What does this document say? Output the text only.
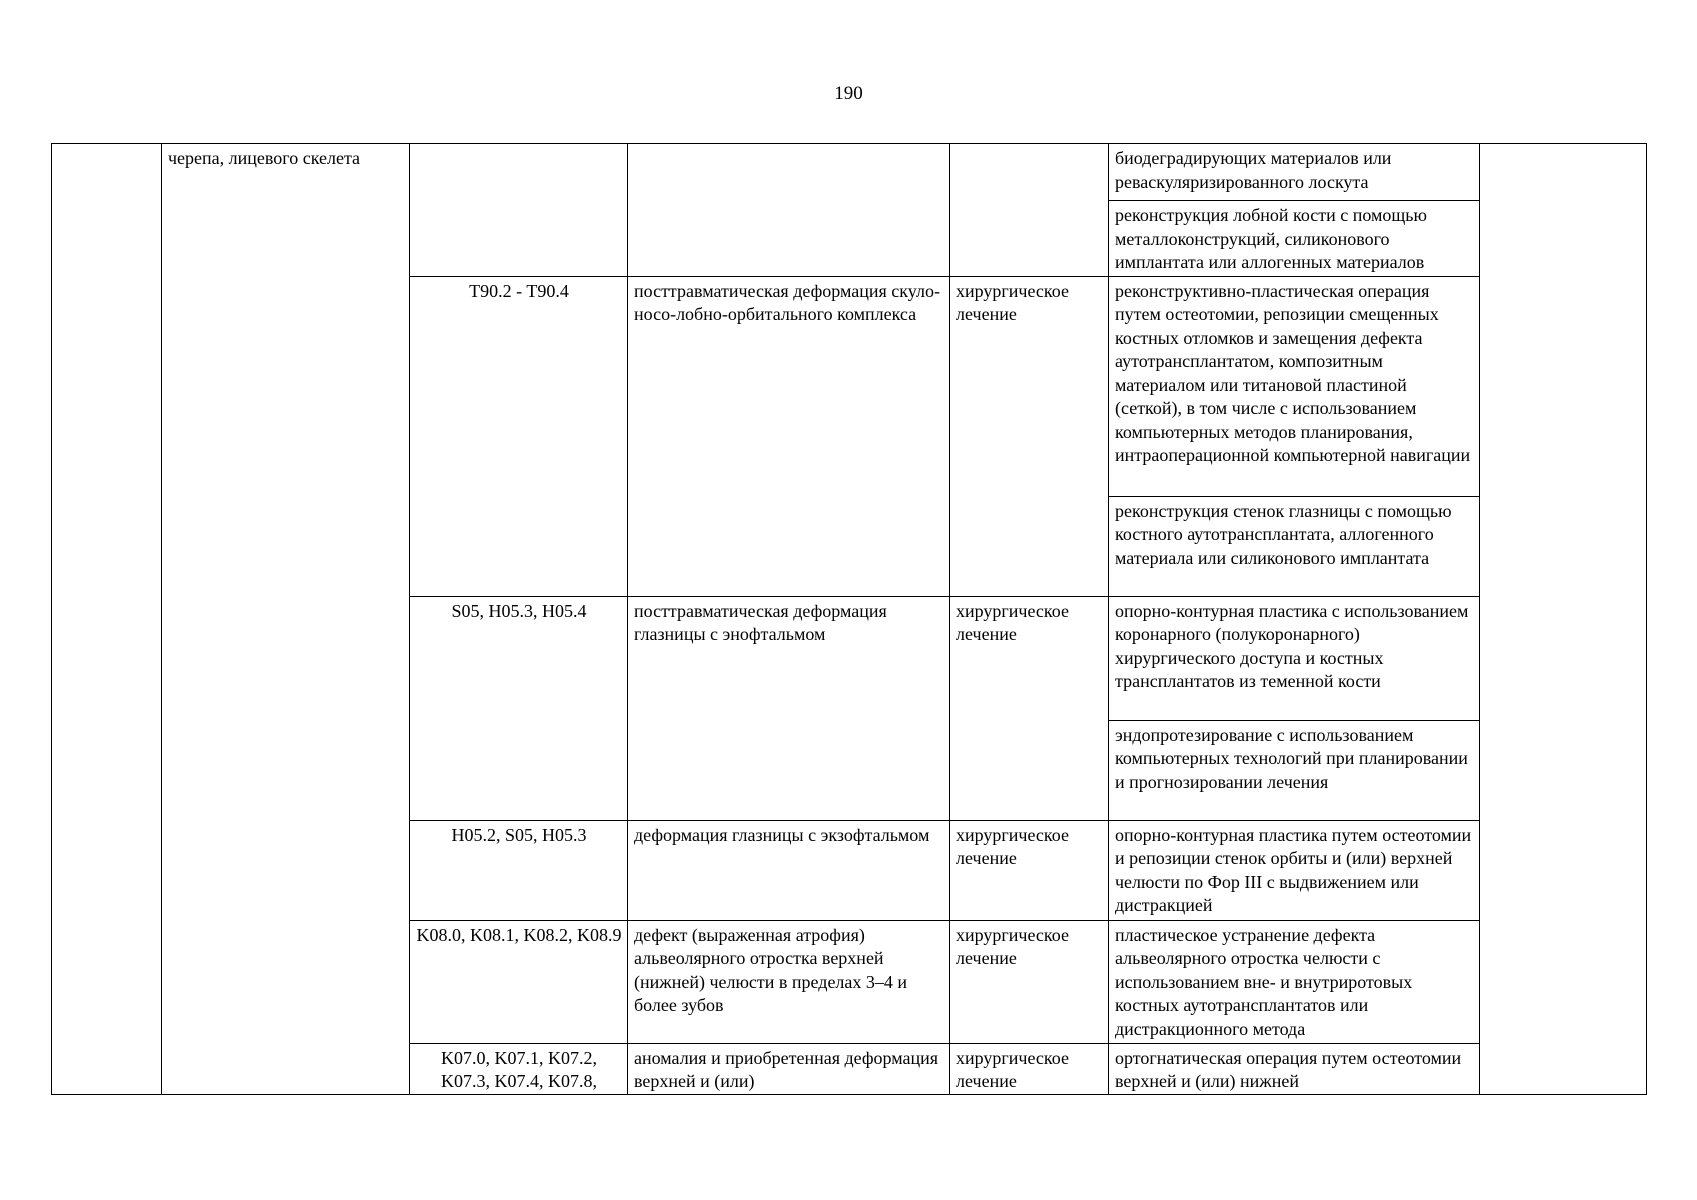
190
	черепа, лицевого скелета				биодеградирующих материалов или реваскуляризированного лоскута	
					реконструкция лобной кости с помощью металлоконструкций, силиконового имплантата или аллогенных материалов	
		T90.2 - T90.4	посттравматическая деформация скуло-носо-лобно-орбитального комплекса	хирургическое лечение	реконструктивно-пластическая операция путем остеотомии, репозиции смещенных костных отломков и замещения дефекта аутотрансплантатом, композитным материалом или титановой пластиной (сеткой), в том числе с использованием компьютерных методов планирования, интраоперационной компьютерной навигации	
					реконструкция стенок глазницы с помощью костного аутотрансплантата, аллогенного материала или силиконового имплантата	
		S05, H05.3, H05.4	посттравматическая деформация глазницы с энофтальмом	хирургическое лечение	опорно-контурная пластика с использованием коронарного (полукоронарного) хирургического доступа и костных трансплантатов из теменной кости	
					эндопротезирование с использованием компьютерных технологий при планировании и прогнозировании лечения	
		H05.2, S05, H05.3	деформация глазницы с экзофтальмом	хирургическое лечение	опорно-контурная пластика путем остеотомии и репозиции стенок орбиты и (или) верхней челюсти по Фор III с выдвижением или дистракцией	
		K08.0, K08.1, K08.2, K08.9	дефект (выраженная атрофия) альвеолярного отростка верхней (нижней) челюсти в пределах 3–4 и более зубов	хирургическое лечение	пластическое устранение дефекта альвеолярного отростка челюсти с использованием вне- и внутриротовых костных аутотрансплантатов или дистракционного метода	
		K07.0, K07.1, K07.2, K07.3, K07.4, K07.8,	аномалия и приобретенная деформация верхней и (или)	хирургическое лечение	ортогнатическая операция путем остеотомии верхней и (или) нижней	
